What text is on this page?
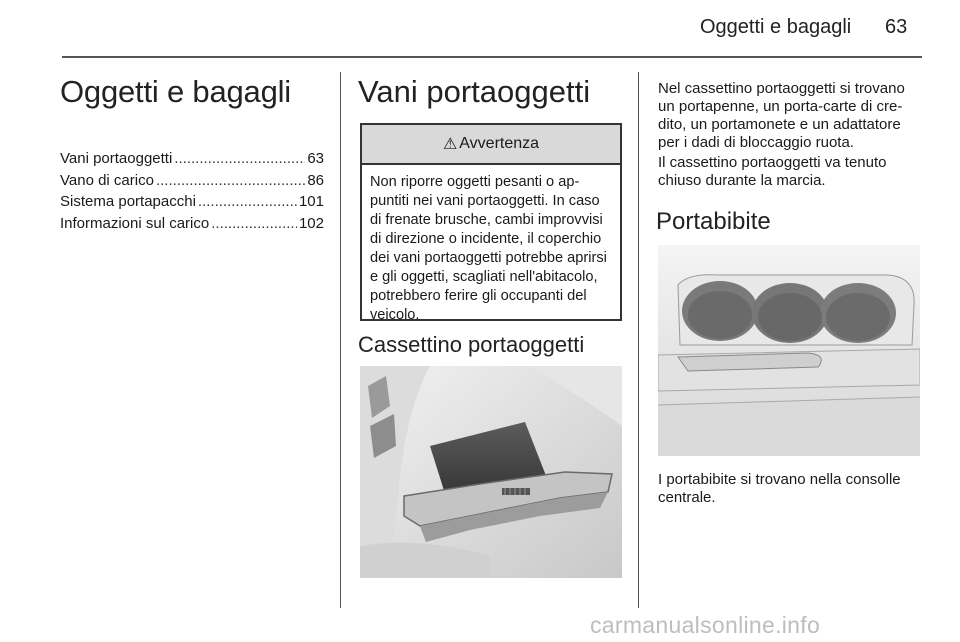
Oggetti e bagagli 63
Oggetti e bagagli
Vani portaoggetti .....	63
Vano di carico .....	86
Sistema portapacchi .....	101
Informazioni sul carico .....	102
Vani portaoggetti
⚠ Avvertenza
Non riporre oggetti pesanti o appuntiti nei vani portaoggetti. In caso di frenate brusche, cambi improvvisi di direzione o incidente, il coperchio dei vani portaoggetti potrebbe aprirsi e gli oggetti, scagliati nell'abitacolo, potrebbero ferire gli occupanti del veicolo.
Cassettino portaoggetti

Nel cassettino portaoggetti si trovano un portapenne, un porta-carte di credito, un portamonete e un adattatore per i dadi di bloccaggio ruota.

Il cassettino portaoggetti va tenuto chiuso durante la marcia.

Portabibite

I portabibite si trovano nella consolle centrale.

carmanualsonline.info
